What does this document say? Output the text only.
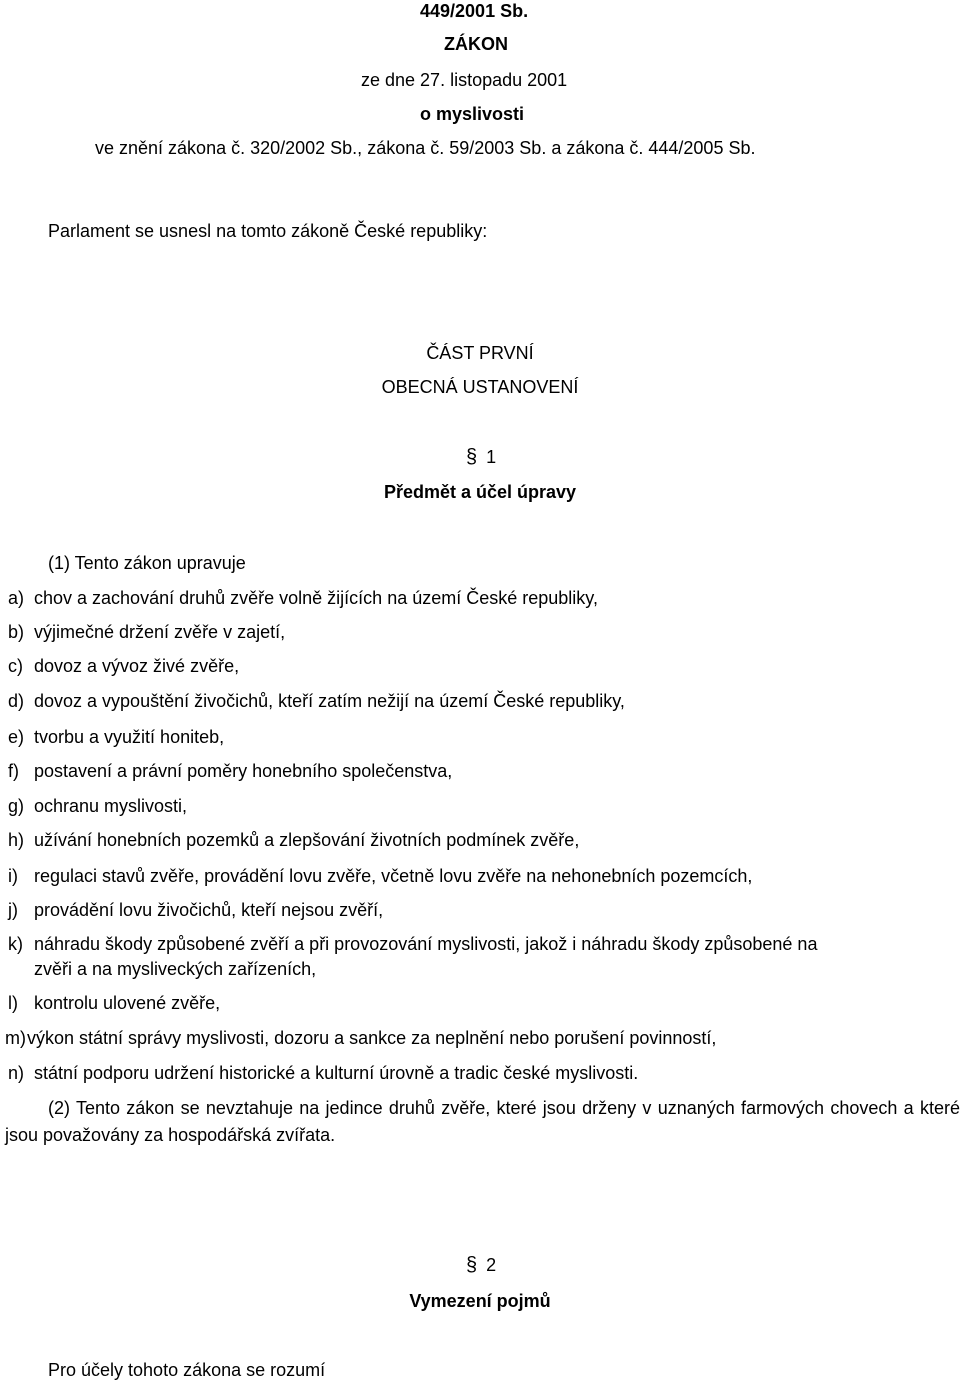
449/2001 Sb.
ZÁKON
ze dne 27. listopadu 2001
o myslivosti
ve znění zákona č. 320/2002 Sb., zákona č. 59/2003 Sb. a zákona č. 444/2005 Sb.
Parlament se usnesl na tomto zákoně České republiky:
ČÁST PRVNÍ
OBECNÁ USTANOVENÍ
§ 1
Předmět a účel úpravy
(1) Tento zákon upravuje
a) chov a zachování druhů zvěře volně žijících na území České republiky,
b) výjimečné držení zvěře v zajetí,
c) dovoz a vývoz živé zvěře,
d) dovoz a vypouštění živočichů, kteří zatím nežijí na území České republiky,
e) tvorbu a využití honiteb,
f) postavení a právní poměry honebního společenstva,
g) ochranu myslivosti,
h) užívání honebních pozemků a zlepšování životních podmínek zvěře,
i) regulaci stavů zvěře, provádění lovu zvěře, včetně lovu zvěře na nehonebních pozemcích,
j) provádění lovu živočichů, kteří nejsou zvěří,
k) náhradu škody způsobené zvěří a při provozování myslivosti, jakož i náhradu škody způsobené na
zvěři a na mysliveckých zařízeních,
l) kontrolu ulovené zvěře,
m) výkon státní správy myslivosti, dozoru a sankce za neplnění nebo porušení povinností,
n) státní podporu udržení historické a kulturní úrovně a tradic české myslivosti.
(2) Tento zákon se nevztahuje na jedince druhů zvěře, které jsou drženy v uznaných farmových chovech a které jsou považovány za hospodářská zvířata.
§ 2
Vymezení pojmů
Pro účely tohoto zákona se rozumí
